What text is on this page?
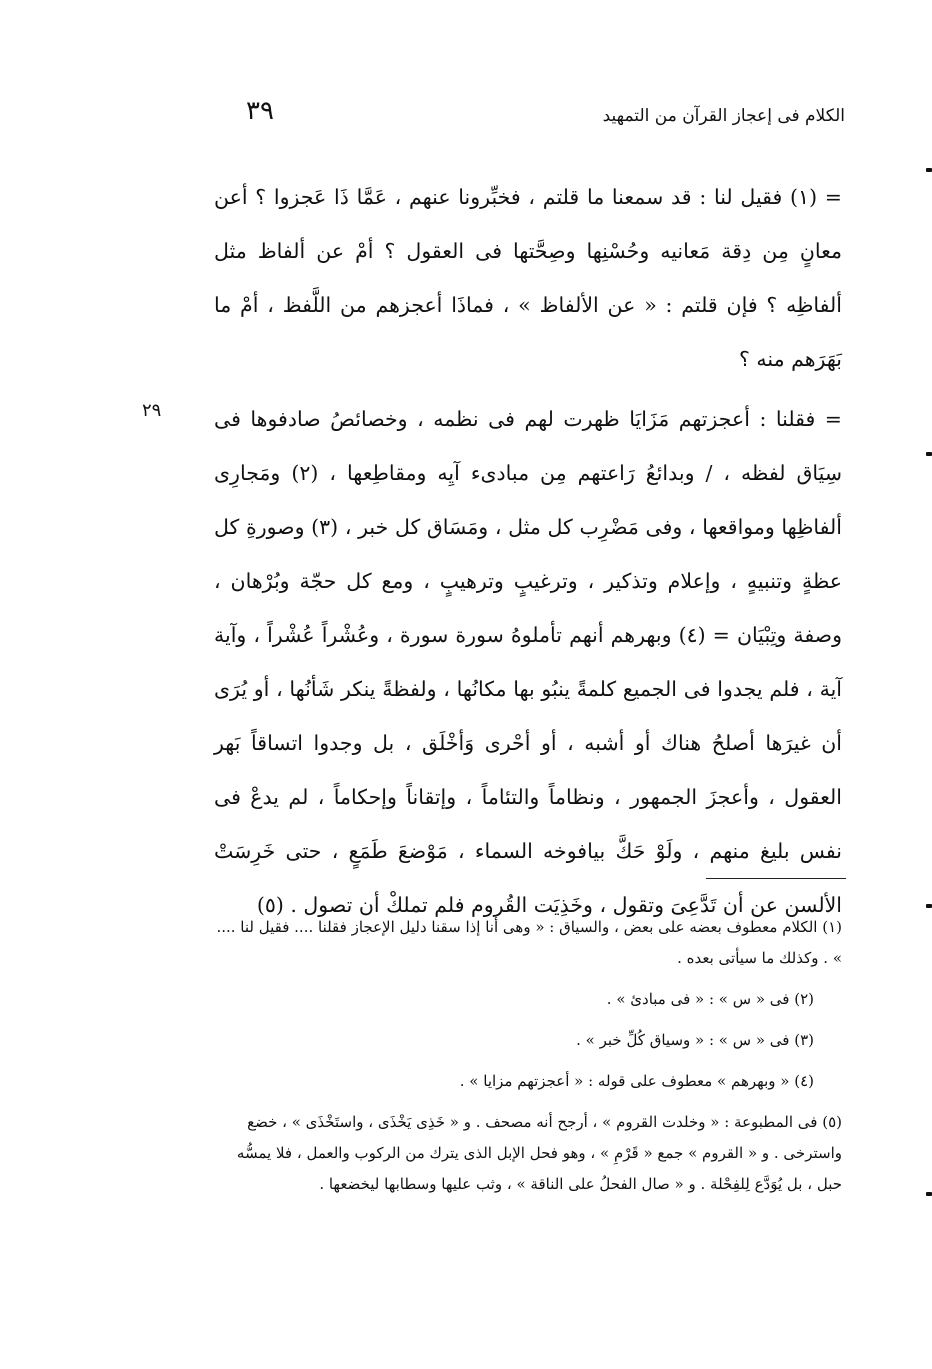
الكلام فى إعجاز القرآن من التمهيد
٣٩
٢٩

= (١) فقيل لنا : قد سمعنا ما قلتم ، فخبِّرونا عنهم ، عَمَّا ذَا عَجزوا ؟ أعن معانٍ مِن دِقة مَعانيه وحُسْنِها وصِحَّتها فى العقول ؟ أمْ عن ألفاظ مثل ألفاظِه ؟ فإن قلتم : « عن الألفاظ » ، فماذَا أعجزهم من اللَّفظ ، أمْ ما بَهَرَهم منه ؟

= فقلنا : أعجزتهم مَزَايَا ظهرت لهم فى نظمه ، وخصائصُ صادفوها فى سِيَاق لفظه ، / وبدائعُ رَاعتهم مِن مبادىء آيِه ومقاطِعها ، (٢) ومَجارِى ألفاظِها ومواقعها ، وفى مَضْرِب كل مثل ، ومَسَاق كل خبر ، (٣) وصورةِ كل عظةٍ وتنبيهٍ ، وإعلام وتذكير ، وترغيبٍ وترهيبٍ ، ومع كل حجّة وبُرْهان ، وصفة وتِبْيَان = (٤) وبهرهم أنهم تأملوهُ سورة سورة ، وعُشْراً عُشْراً ، وآية آية ، فلم يجدوا فى الجميع كلمةً ينبُو بها مكانُها ، ولفظةً ينكر شَأنُها ، أو يُرَى أن غيرَها أصلحُ هناك أو أشبه ، أو أحْرى وَأخْلَق ، بل وجدوا اتساقاً بَهر العقول ، وأعجزَ الجمهور ، ونظاماً والتئاماً ، وإتقاناً وإحكاماً ، لم يدعْ فى نفس بليغ منهم ، ولَوْ حَكَّ بيافوخه السماء ، مَوْضعَ طَمَعٍ ، حتى خَرِسَتْ الألسن عن أن تَدَّعِىَ وتقول ، وخَذِيَت القُروم فلم تملكْ أن تصول . (٥)

(١) الكلام معطوف بعضه على بعض ، والسياق : « وهى أنا إذا سقنا دليل الإعجاز فقلنا .... فقيل لنا .... » . وكذلك ما سيأتى بعده .

(٢) فى « س » : « فى مبادئ » .

(٣) فى « س » : « وسياق كُلِّ خبر » .

(٤) « وبهرهم » معطوف على قوله : « أعجزتهم مزايا » .

(٥) فى المطبوعة : « وخلدت القروم » ، أرجح أنه مصحف . و « خَذِى يَخْذَى ، واستَخْذَى » ، خضع واسترخى . و « القروم » جمع « قَرْمِ » ، وهو فحل الإبل الذى يترك من الركوب والعمل ، فلا يمسُّه حبل ، بل يُوَدَّع لِلفِحْلة . و « صال الفحلُ على الناقة » ، وثب عليها وسطابها ليخضعها .
